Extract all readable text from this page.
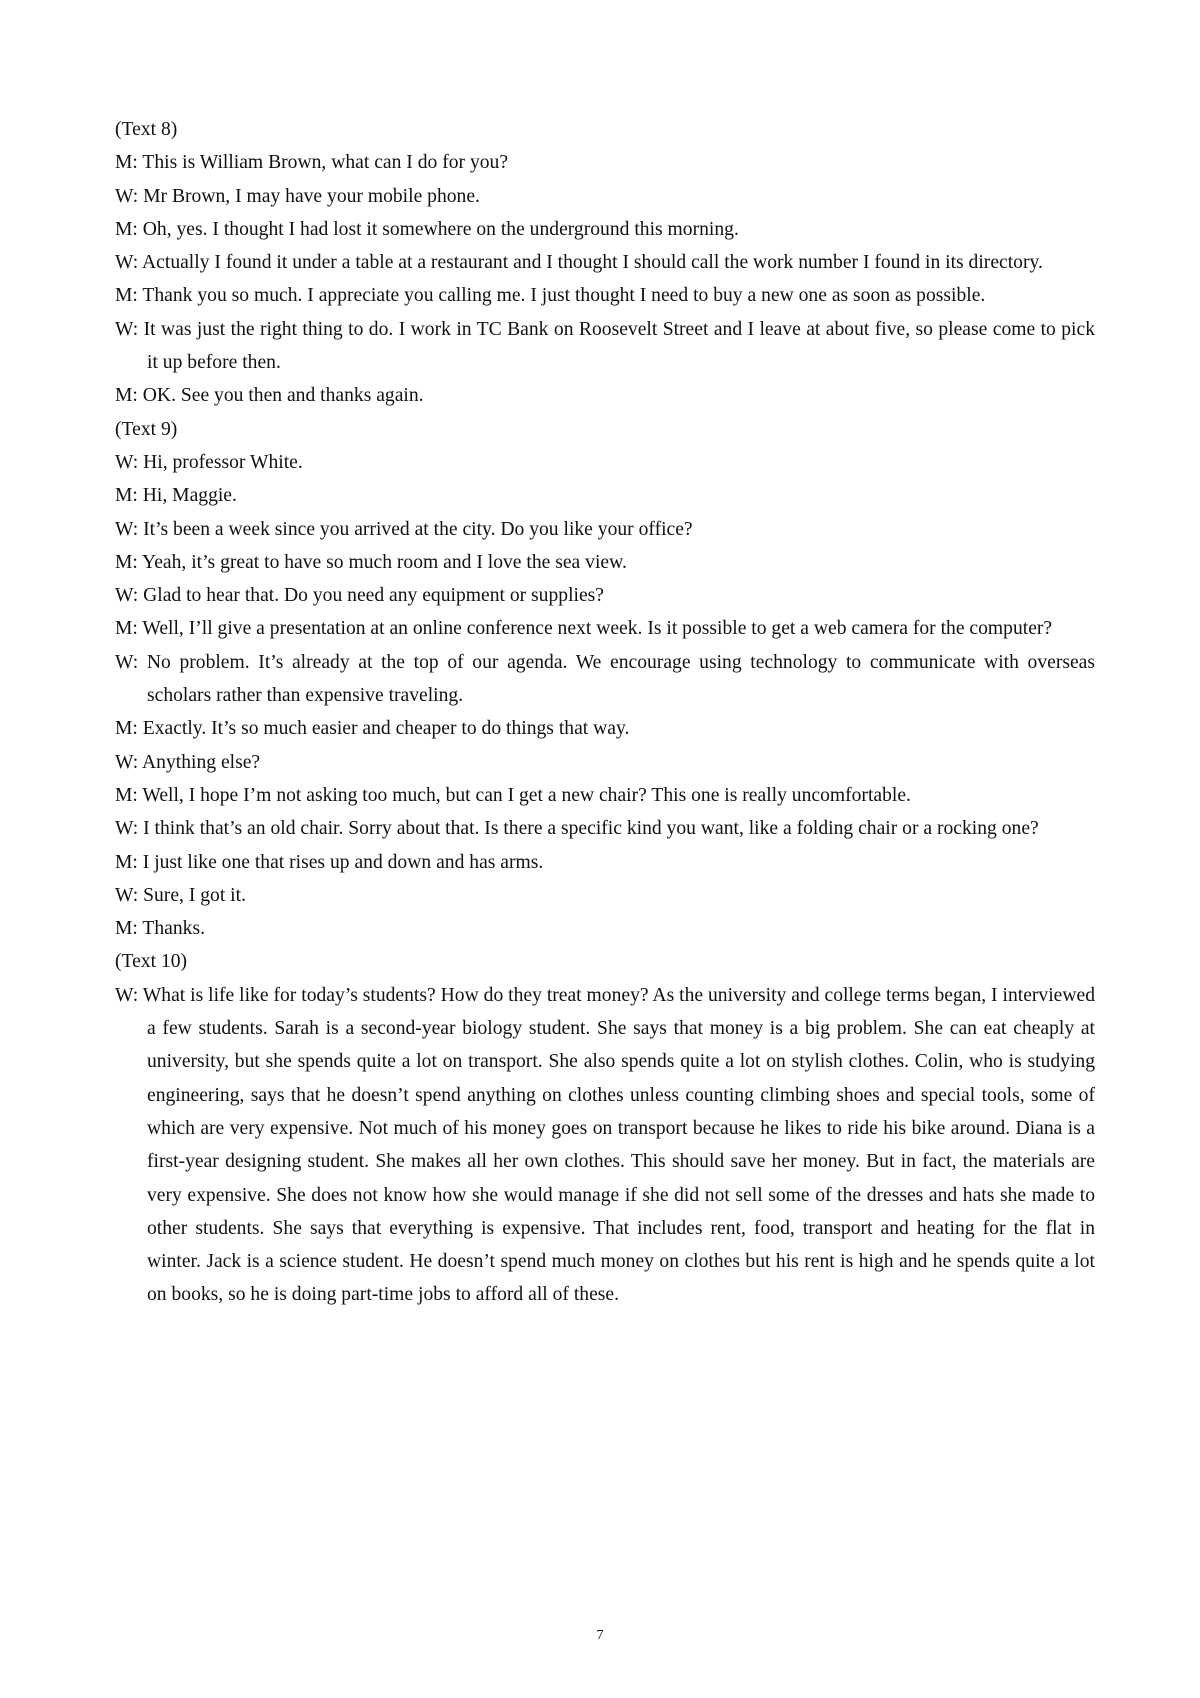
(Text 8)

M: This is William Brown, what can I do for you?

W: Mr Brown, I may have your mobile phone.

M: Oh, yes. I thought I had lost it somewhere on the underground this morning.

W: Actually I found it under a table at a restaurant and I thought I should call the work number I found in its directory.

M: Thank you so much. I appreciate you calling me. I just thought I need to buy a new one as soon as possible.

W: It was just the right thing to do. I work in TC Bank on Roosevelt Street and I leave at about five, so please come to pick it up before then.

M: OK. See you then and thanks again.

(Text 9)

W: Hi, professor White.

M: Hi, Maggie.

W: It’s been a week since you arrived at the city. Do you like your office?

M: Yeah, it’s great to have so much room and I love the sea view.

W: Glad to hear that. Do you need any equipment or supplies?

M: Well, I’ll give a presentation at an online conference next week. Is it possible to get a web camera for the computer?

W: No problem. It’s already at the top of our agenda. We encourage using technology to communicate with overseas scholars rather than expensive traveling.

M: Exactly. It’s so much easier and cheaper to do things that way.

W: Anything else?

M: Well, I hope I’m not asking too much, but can I get a new chair? This one is really uncomfortable.

W: I think that’s an old chair. Sorry about that. Is there a specific kind you want, like a folding chair or a rocking one?

M: I just like one that rises up and down and has arms.

W: Sure, I got it.

M: Thanks.

(Text 10)

W: What is life like for today’s students? How do they treat money? As the university and college terms began, I interviewed a few students. Sarah is a second-year biology student. She says that money is a big problem. She can eat cheaply at university, but she spends quite a lot on transport. She also spends quite a lot on stylish clothes. Colin, who is studying engineering, says that he doesn’t spend anything on clothes unless counting climbing shoes and special tools, some of which are very expensive. Not much of his money goes on transport because he likes to ride his bike around. Diana is a first-year designing student. She makes all her own clothes. This should save her money. But in fact, the materials are very expensive. She does not know how she would manage if she did not sell some of the dresses and hats she made to other students. She says that everything is expensive. That includes rent, food, transport and heating for the flat in winter. Jack is a science student. He doesn’t spend much money on clothes but his rent is high and he spends quite a lot on books, so he is doing part-time jobs to afford all of these.

7
